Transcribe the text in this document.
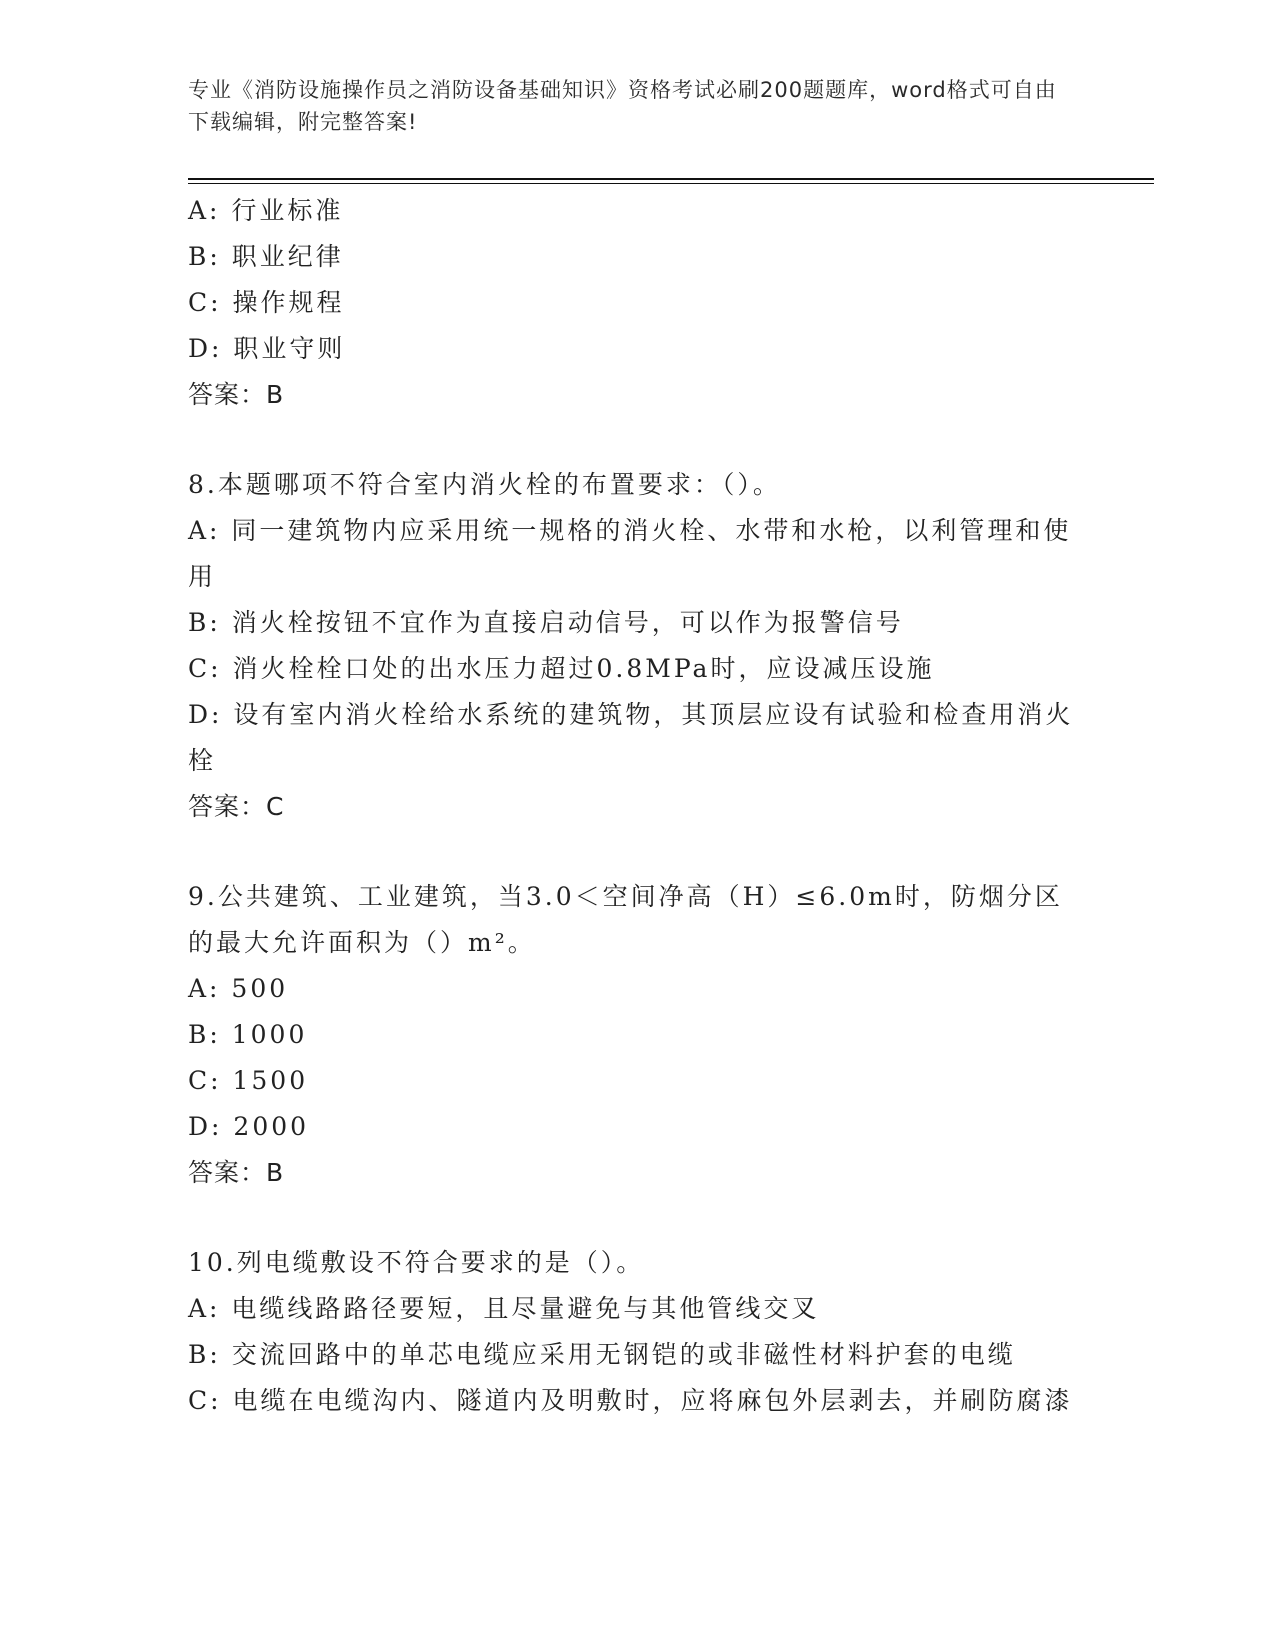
专业《消防设施操作员之消防设备基础知识》资格考试必刷200题题库，word格式可自由下载编辑，附完整答案!
A: 行业标准
B: 职业纪律
C: 操作规程
D: 职业守则
答案：B
8.本题哪项不符合室内消火栓的布置要求：（）。
A: 同一建筑物内应采用统一规格的消火栓、水带和水枪，以利管理和使用
B: 消火栓按钮不宜作为直接启动信号，可以作为报警信号
C: 消火栓栓口处的出水压力超过0.8MPa时，应设减压设施
D: 设有室内消火栓给水系统的建筑物，其顶层应设有试验和检查用消火栓
答案：C
9.公共建筑、工业建筑，当3.0＜空间净高（H）≤6.0m时，防烟分区的最大允许面积为（）m²。
A: 500
B: 1000
C: 1500
D: 2000
答案：B
10.列电缆敷设不符合要求的是（）。
A: 电缆线路路径要短，且尽量避免与其他管线交叉
B: 交流回路中的单芯电缆应采用无钢铠的或非磁性材料护套的电缆
C: 电缆在电缆沟内、隧道内及明敷时，应将麻包外层剥去，并刷防腐漆
